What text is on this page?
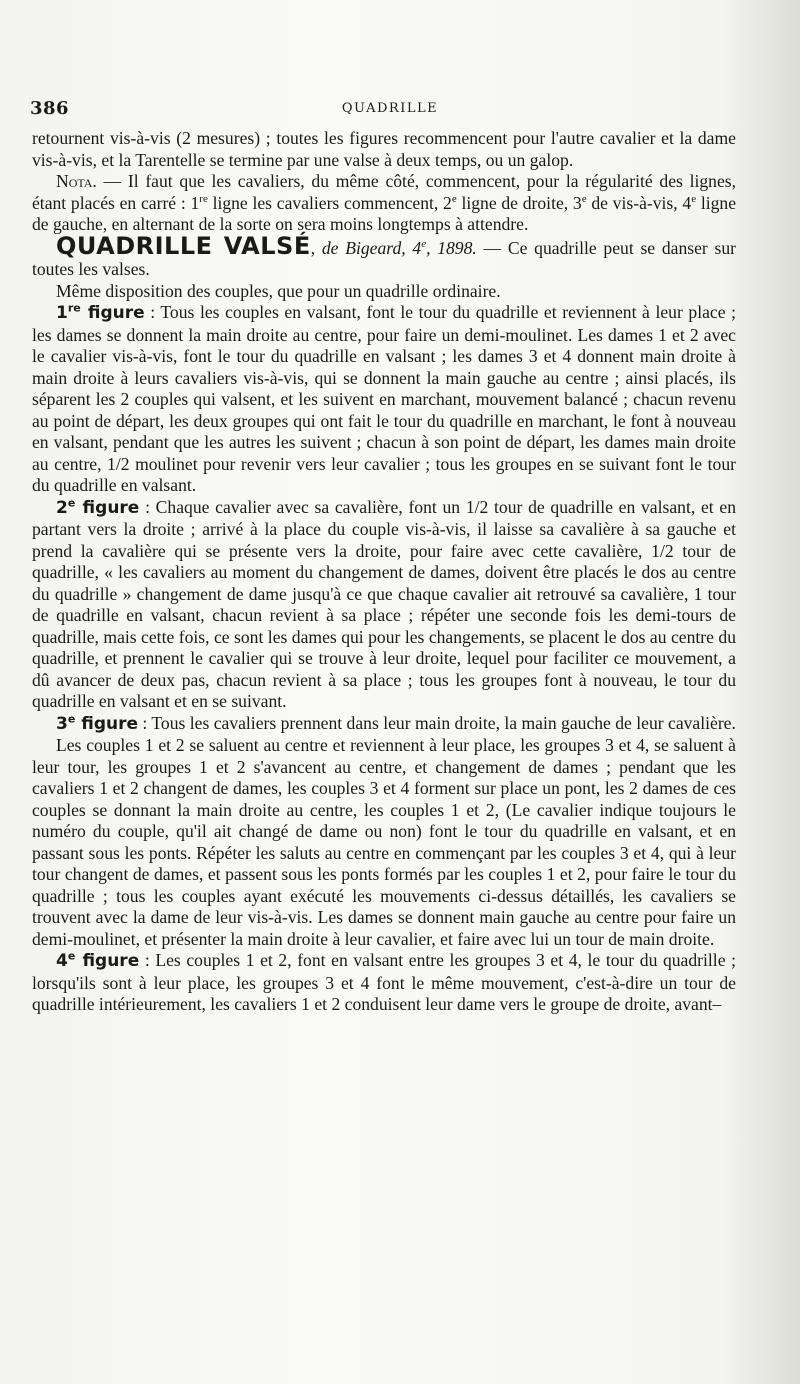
386	QUADRILLE

retournent vis-à-vis (2 mesures) ; toutes les figures recommencent pour l'autre cavalier et la dame vis-à-vis, et la Tarentelle se termine par une valse à deux temps, ou un galop.

Nota. — Il faut que les cavaliers, du même côté, commencent, pour la régularité des lignes, étant placés en carré : 1re ligne les cavaliers commencent, 2e ligne de droite, 3e de vis-à-vis, 4e ligne de gauche, en alternant de la sorte on sera moins longtemps à attendre.

QUADRILLE VALSÉ, de Bigeard, 4e, 1898. — Ce quadrille peut se danser sur toutes les valses.

Même disposition des couples, que pour un quadrille ordinaire.

1re figure : Tous les couples en valsant, font le tour du quadrille et reviennent à leur place ; les dames se donnent la main droite au centre, pour faire un demi-moulinet. Les dames 1 et 2 avec le cavalier vis-à-vis, font le tour du quadrille en valsant ; les dames 3 et 4 donnent main droite à main droite à leurs cavaliers vis-à-vis, qui se donnent la main gauche au centre ; ainsi placés, ils séparent les 2 couples qui valsent, et les suivent en marchant, mouvement balancé ; chacun revenu au point de départ, les deux groupes qui ont fait le tour du quadrille en marchant, le font à nouveau en valsant, pendant que les autres les suivent ; chacun à son point de départ, les dames main droite au centre, 1/2 moulinet pour revenir vers leur cavalier ; tous les groupes en se suivant font le tour du quadrille en valsant.

2e figure : Chaque cavalier avec sa cavalière, font un 1/2 tour de quadrille en valsant, et en partant vers la droite ; arrivé à la place du couple vis-à-vis, il laisse sa cavalière à sa gauche et prend la cavalière qui se présente vers la droite, pour faire avec cette cavalière, 1/2 tour de quadrille, « les cavaliers au moment du changement de dames, doivent être placés le dos au centre du quadrille » changement de dame jusqu'à ce que chaque cavalier ait retrouvé sa cavalière, 1 tour de quadrille en valsant, chacun revient à sa place ; répéter une seconde fois les demi-tours de quadrille, mais cette fois, ce sont les dames qui pour les changements, se placent le dos au centre du quadrille, et prennent le cavalier qui se trouve à leur droite, lequel pour faciliter ce mouvement, a dû avancer de deux pas, chacun revient à sa place ; tous les groupes font à nouveau, le tour du quadrille en valsant et en se suivant.

3e figure : Tous les cavaliers prennent dans leur main droite, la main gauche de leur cavalière.

Les couples 1 et 2 se saluent au centre et reviennent à leur place, les groupes 3 et 4, se saluent à leur tour, les groupes 1 et 2 s'avancent au centre, et changement de dames ; pendant que les cavaliers 1 et 2 changent de dames, les couples 3 et 4 forment sur place un pont, les 2 dames de ces couples se donnant la main droite au centre, les couples 1 et 2, (Le cavalier indique toujours le numéro du couple, qu'il ait changé de dame ou non) font le tour du quadrille en valsant, et en passant sous les ponts. Répéter les saluts au centre en commençant par les couples 3 et 4, qui à leur tour changent de dames, et passent sous les ponts formés par les couples 1 et 2, pour faire le tour du quadrille ; tous les couples ayant exécuté les mouvements ci-dessus détaillés, les cavaliers se trouvent avec la dame de leur vis-à-vis. Les dames se donnent main gauche au centre pour faire un demi-moulinet, et présenter la main droite à leur cavalier, et faire avec lui un tour de main droite.

4e figure : Les couples 1 et 2, font en valsant entre les groupes 3 et 4, le tour du quadrille ; lorsqu'ils sont à leur place, les groupes 3 et 4 font le même mouvement, c'est-à-dire un tour de quadrille intérieurement, les cavaliers 1 et 2 conduisent leur dame vers le groupe de droite, avant–
